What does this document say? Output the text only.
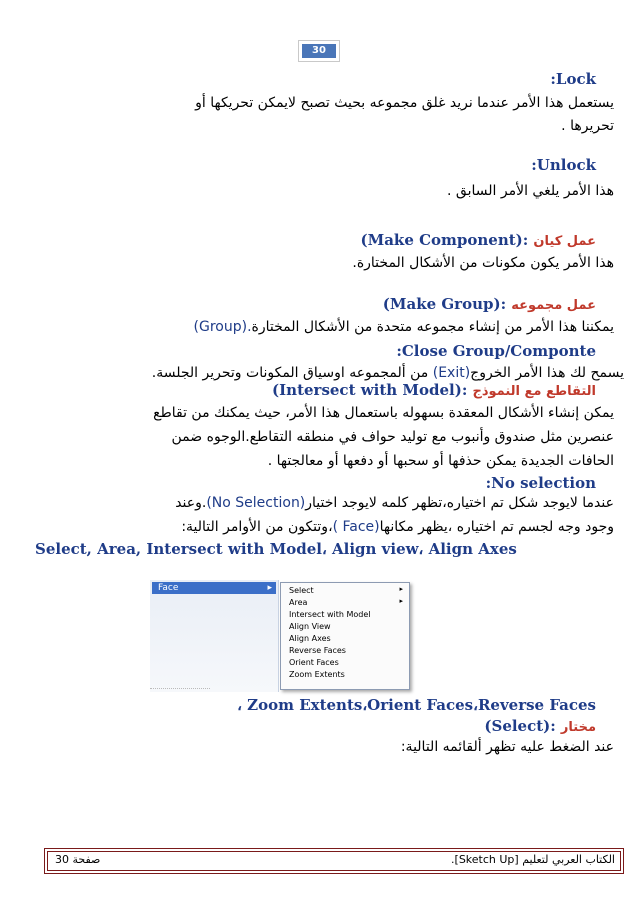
30
:Lock
يستعمل هذا الأمر عندما نريد غلق مجموعه بحيث تصبح لايمكن تحريكها أو
تحريرها .
:Unlock
هذا الأمر يلغي الأمر السابق .
(Make Component): عمل كيان
هذا الأمر يكون مكونات من الأشكال المختارة.
(Make Group): عمل مجموعه
يمكننا هذا الأمر من إنشاء مجموعه متحدة من الأشكال المختارة(Group).
:Close Group/Componte
يسمح لك هذا الأمر الخروج(Exit) من ألمجموعه اوسياق المكونات وتحرير الجلسة.
(Intersect with Model): التقاطع مع النموذج
يمكن إنشاء الأشكال المعقدة بسهوله باستعمال هذا الأمر، حيث يمكنك من تقاطع
عنصرين مثل صندوق وأنبوب مع توليد حواف في منطقه التقاطع.الوجوه ضمن
الحافات الجديدة يمكن حذفها أو سحبها أو دفعها أو معالجتها .
:No selection
عندما لايوجد شكل تم اختياره،تظهر كلمه لايوجد اختيار(No Selection).وعند
وجود وجه لجسم تم اختياره ،يظهر مكانها( Face)،وتتكون من الأوامر التالية:
Select, Area, Intersect with Model، Align view، Align Axes
Face	▸ Select	▸
Area	▸
Intersect with Model
Align View
Align Axes
Reverse Faces
Orient Faces
Zoom Extents
، Zoom Extents،Orient Faces،Reverse Faces
(Select): مختار
عند الضغط عليه تظهر ألقائمه التالية:
الكتاب العربي لتعليم [Sketch Up].
صفحة 30
